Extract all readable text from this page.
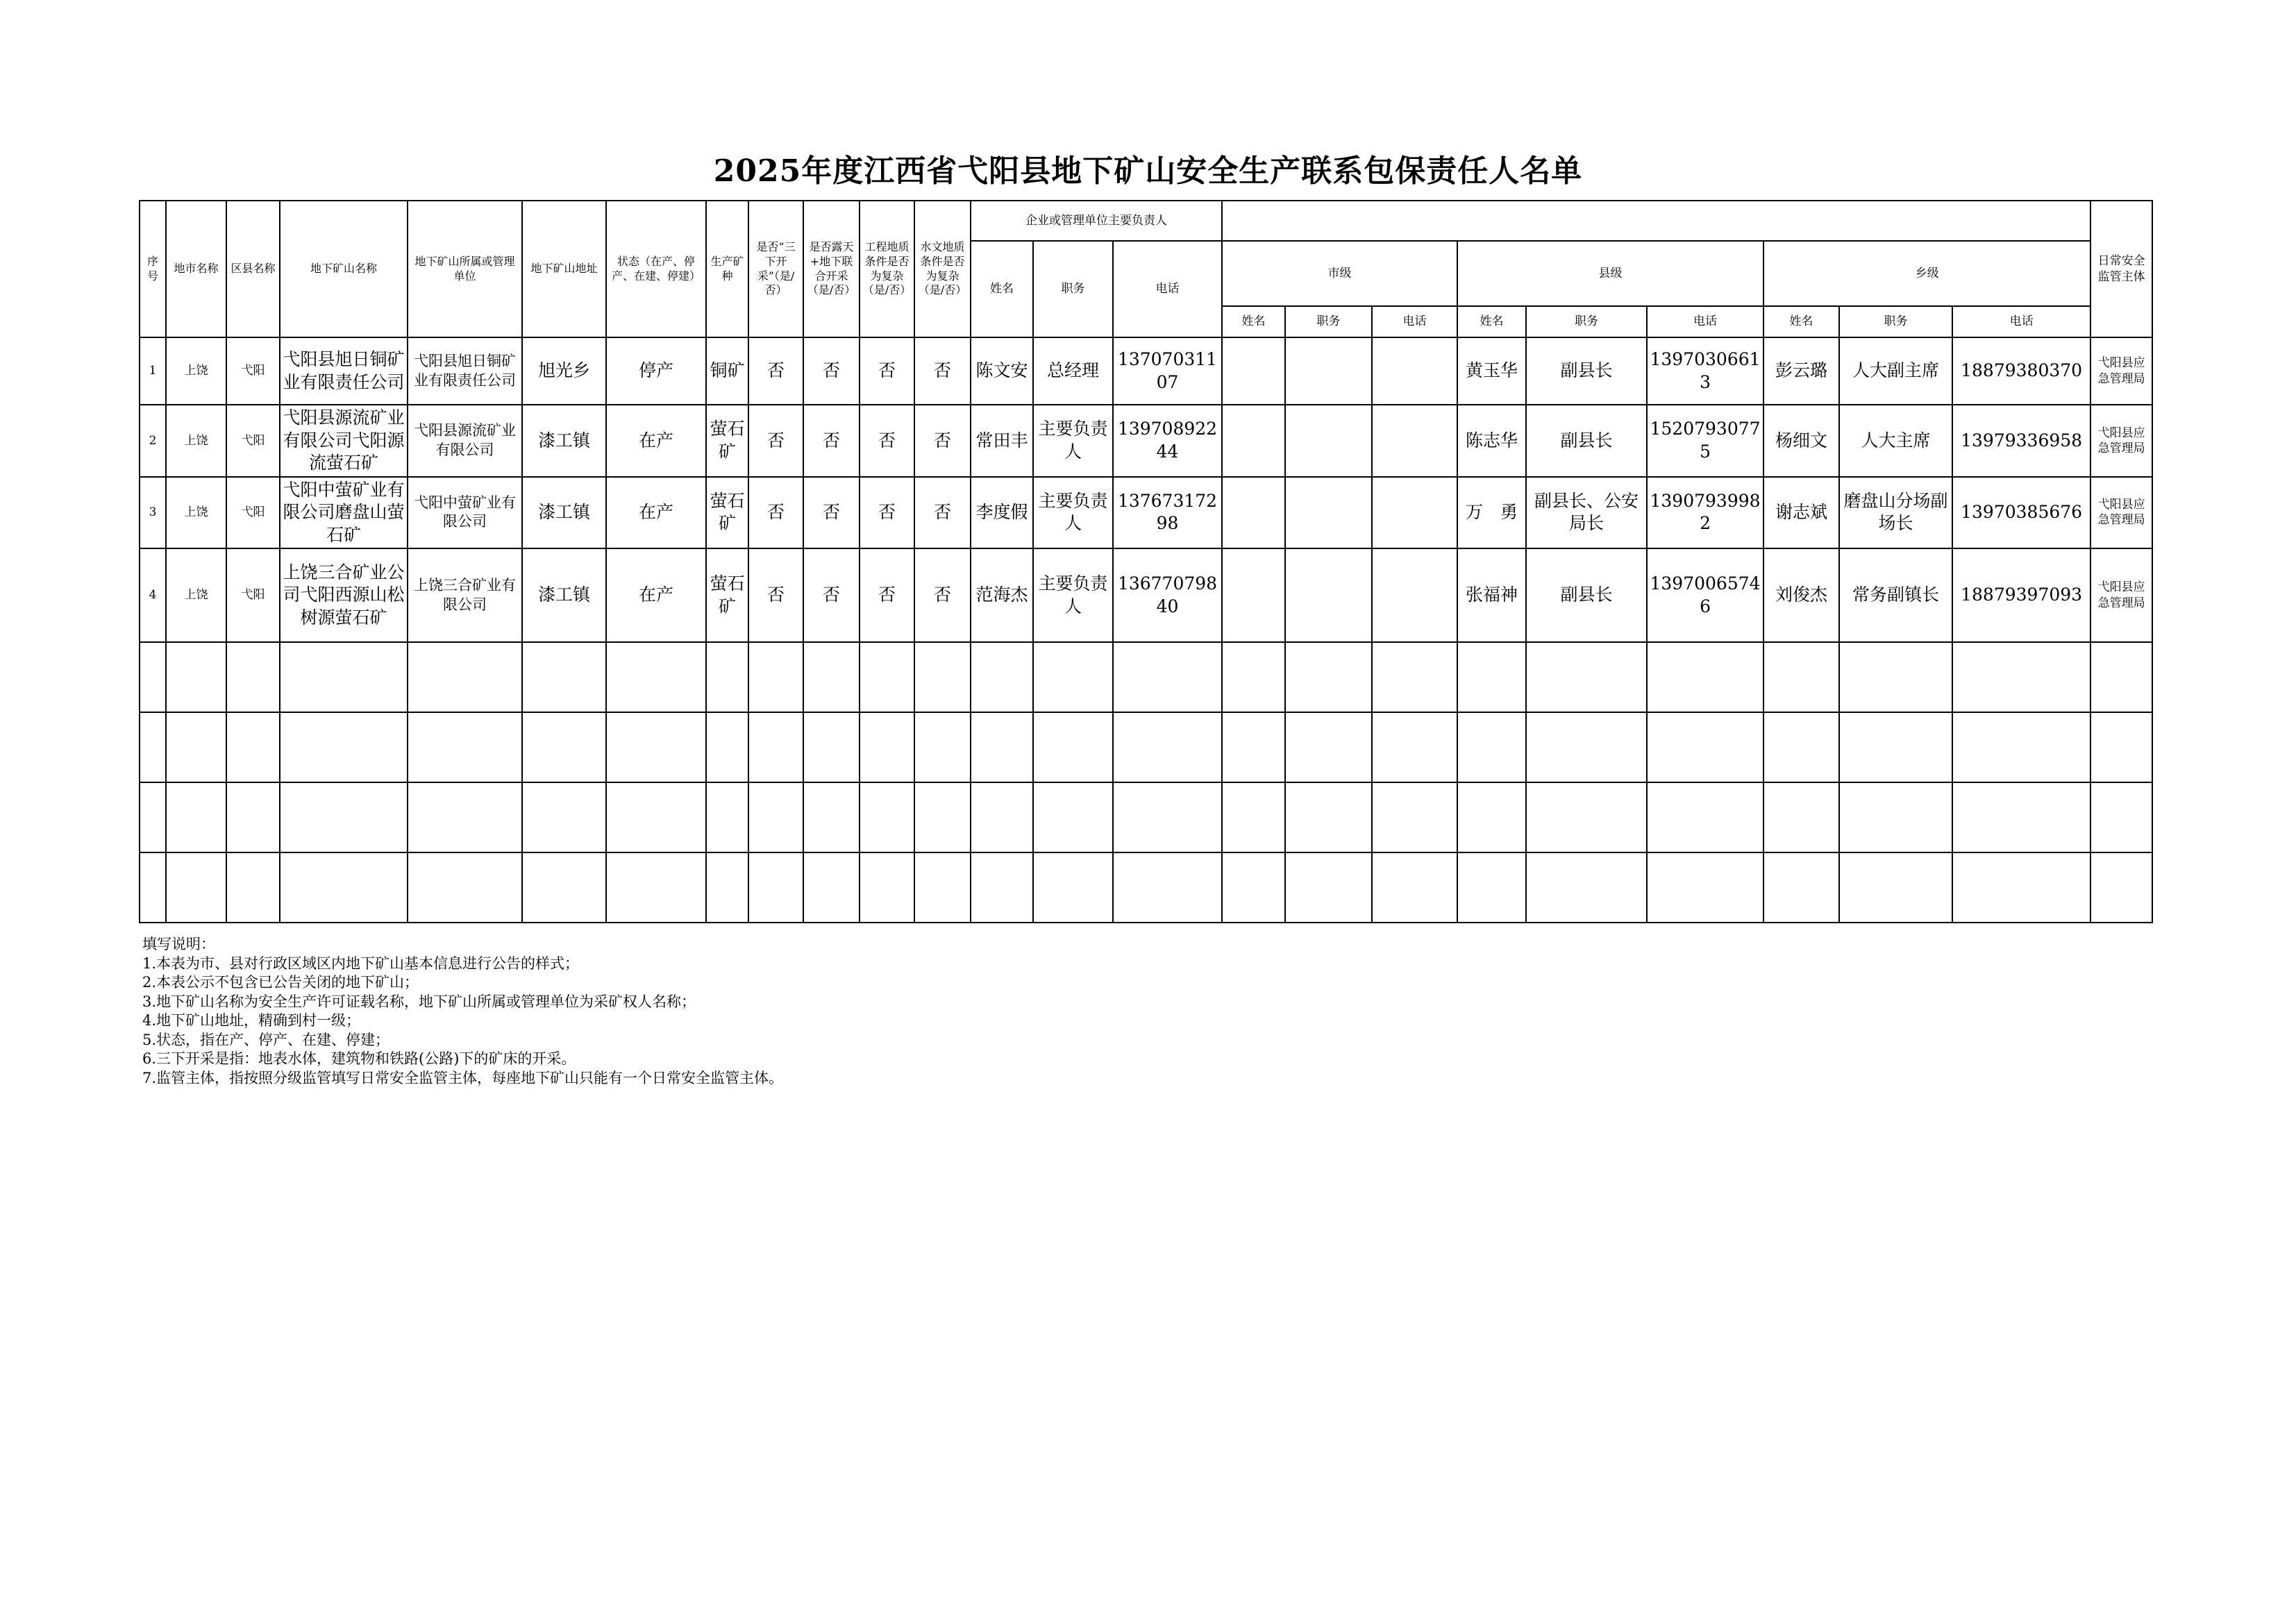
2025年度江西省弋阳县地下矿山安全生产联系包保责任人名单
序号	地市名称	区县名称	地下矿山名称	地下矿山所属或管理单位	地下矿山地址	状态（在产、停产、在建、停建）	生产矿种	是否“三下开采”（是/否）	是否露天+地下联合开采（是/否）	工程地质条件是否为复杂（是/否）	水文地质条件是否为复杂（是/否）	企业或管理单位主要负责人												日常安全监管主体
												姓名	职务	电话	市级			县级			乡级			
															姓名	职务	电话	姓名	职务	电话	姓名	职务	电话	
1	上饶	弋阳	弋阳县旭日铜矿业有限责任公司	弋阳县旭日铜矿业有限责任公司	旭光乡	停产	铜矿	否	否	否	否	陈文安	总经理	13707031107				黄玉华	副县长	13970306613	彭云璐	人大副主席	18879380370	弋阳县应急管理局
2	上饶	弋阳	弋阳县源流矿业有限公司弋阳源流萤石矿	弋阳县源流矿业有限公司	漆工镇	在产	萤石矿	否	否	否	否	常田丰	主要负责人	13970892244				陈志华	副县长	15207930775	杨细文	人大主席	13979336958	弋阳县应急管理局
3	上饶	弋阳	弋阳中萤矿业有限公司磨盘山萤石矿	弋阳中萤矿业有限公司	漆工镇	在产	萤石矿	否	否	否	否	李度假	主要负责人	13767317298				万　勇	副县长、公安局长	13907939982	谢志斌	磨盘山分场副场长	13970385676	弋阳县应急管理局
4	上饶	弋阳	上饶三合矿业公司弋阳西源山松树源萤石矿	上饶三合矿业有限公司	漆工镇	在产	萤石矿	否	否	否	否	范海杰	主要负责人	13677079840				张福神	副县长	13970065746	刘俊杰	常务副镇长	18879397093	弋阳县应急管理局

填写说明：
1.本表为市、县对行政区域区内地下矿山基本信息进行公告的样式；
2.本表公示不包含已公告关闭的地下矿山；
3.地下矿山名称为安全生产许可证载名称，地下矿山所属或管理单位为采矿权人名称；
4.地下矿山地址，精确到村一级；
5.状态，指在产、停产、在建、停建；
6.三下开采是指：地表水体，建筑物和铁路(公路)下的矿床的开采。
7.监管主体，指按照分级监管填写日常安全监管主体，每座地下矿山只能有一个日常安全监管主体。
